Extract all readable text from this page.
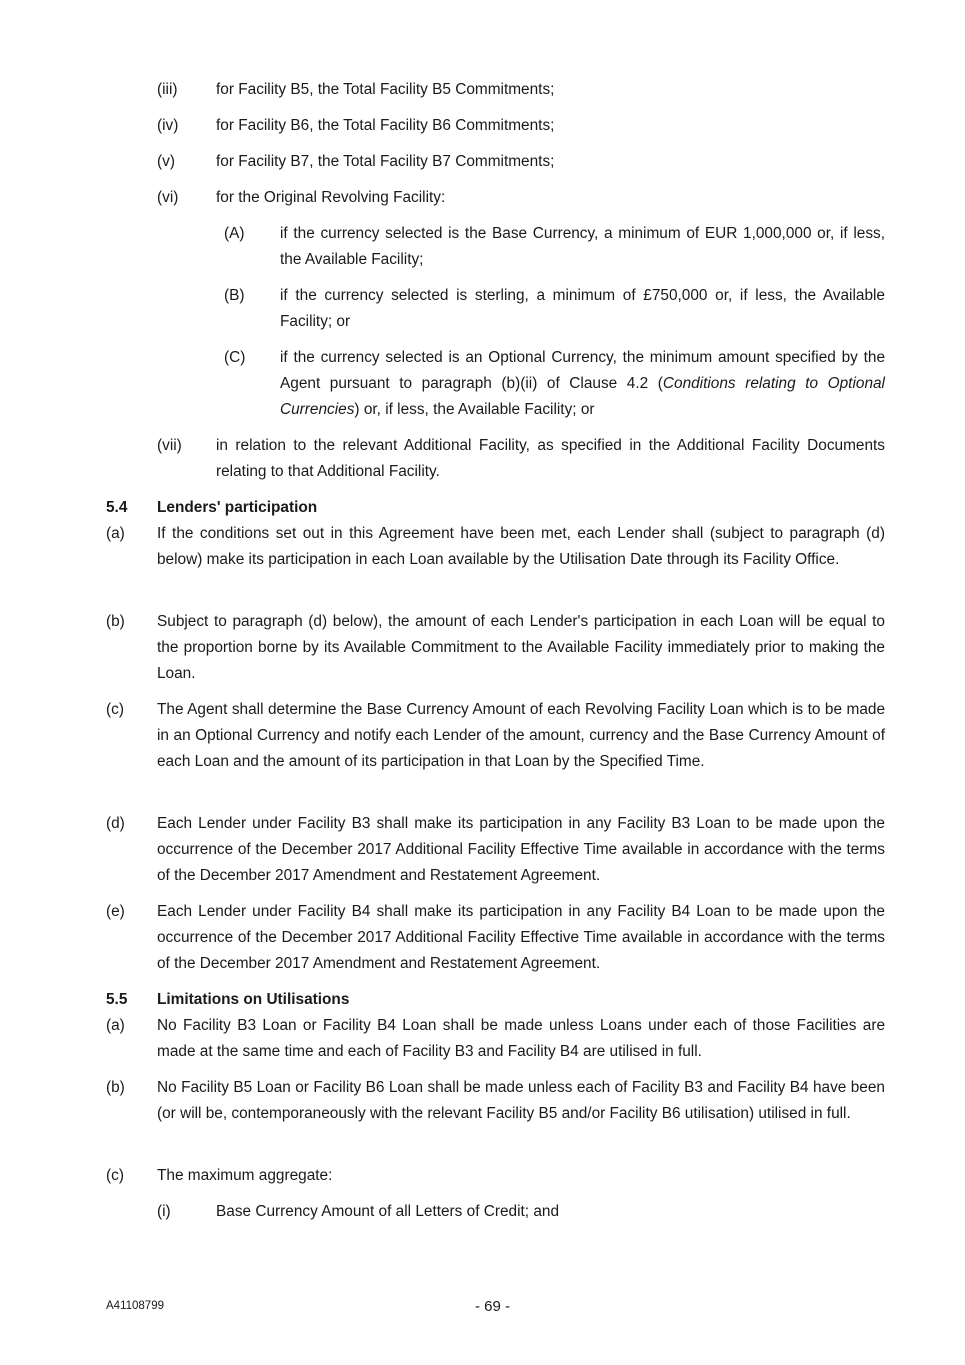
(iii) for Facility B5, the Total Facility B5 Commitments;
(iv) for Facility B6, the Total Facility B6 Commitments;
(v)	for Facility B7, the Total Facility B7 Commitments;
(vi) for the Original Revolving Facility:
(A) if the currency selected is the Base Currency, a minimum of EUR 1,000,000 or, if less, the Available Facility;
(B) if the currency selected is sterling, a minimum of £750,000 or, if less, the Available Facility; or
(C) if the currency selected is an Optional Currency, the minimum amount specified by the Agent pursuant to paragraph (b)(ii) of Clause 4.2 (Conditions relating to Optional Currencies) or, if less, the Available Facility; or
(vii) in relation to the relevant Additional Facility, as specified in the Additional Facility Documents relating to that Additional Facility.
5.4 Lenders' participation
(a) If the conditions set out in this Agreement have been met, each Lender shall (subject to paragraph (d) below) make its participation in each Loan available by the Utilisation Date through its Facility Office.
(b) Subject to paragraph (d) below), the amount of each Lender's participation in each Loan will be equal to the proportion borne by its Available Commitment to the Available Facility immediately prior to making the Loan.
(c) The Agent shall determine the Base Currency Amount of each Revolving Facility Loan which is to be made in an Optional Currency and notify each Lender of the amount, currency and the Base Currency Amount of each Loan and the amount of its participation in that Loan by the Specified Time.
(d) Each Lender under Facility B3 shall make its participation in any Facility B3 Loan to be made upon the occurrence of the December 2017 Additional Facility Effective Time available in accordance with the terms of the December 2017 Amendment and Restatement Agreement.
(e) Each Lender under Facility B4 shall make its participation in any Facility B4 Loan to be made upon the occurrence of the December 2017 Additional Facility Effective Time available in accordance with the terms of the December 2017 Amendment and Restatement Agreement.
5.5 Limitations on Utilisations
(a) No Facility B3 Loan or Facility B4 Loan shall be made unless Loans under each of those Facilities are made at the same time and each of Facility B3 and Facility B4 are utilised in full.
(b) No Facility B5 Loan or Facility B6 Loan shall be made unless each of Facility B3 and Facility B4 have been (or will be, contemporaneously with the relevant Facility B5 and/or Facility B6 utilisation) utilised in full.
(c) The maximum aggregate:
(i)	Base Currency Amount of all Letters of Credit; and
A41108799	- 69 -
